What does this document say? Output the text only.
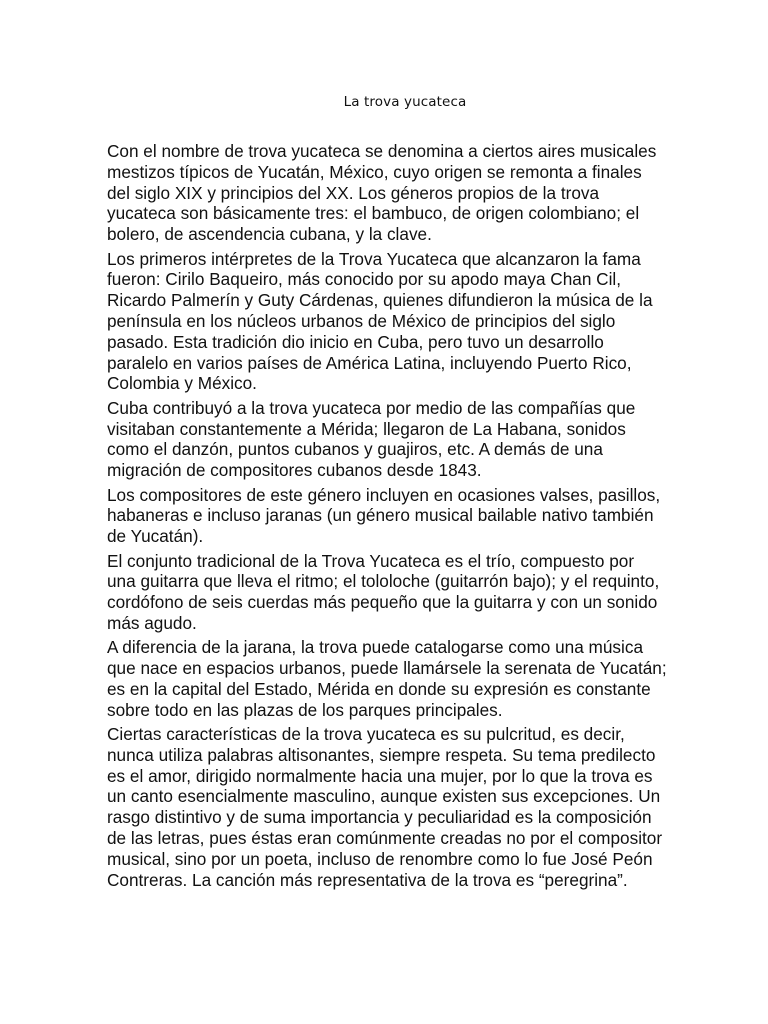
La trova yucateca

Con el nombre de trova yucateca se denomina a ciertos aires musicales mestizos típicos de Yucatán, México, cuyo origen se remonta a finales del siglo XIX y principios del XX. Los géneros propios de la trova yucateca son básicamente tres: el bambuco, de origen colombiano; el bolero, de ascendencia cubana, y la clave.

Los primeros intérpretes de la Trova Yucateca que alcanzaron la fama fueron: Cirilo Baqueiro, más conocido por su apodo maya Chan Cil, Ricardo Palmerín y Guty Cárdenas, quienes difundieron la música de la península en los núcleos urbanos de México de principios del siglo pasado. Esta tradición dio inicio en Cuba, pero tuvo un desarrollo paralelo en varios países de América Latina, incluyendo Puerto Rico, Colombia y México.

Cuba contribuyó a la trova yucateca por medio de las compañías que visitaban constantemente a Mérida; llegaron de La Habana, sonidos como el danzón, puntos cubanos y guajiros, etc. A demás de una migración de compositores cubanos desde 1843.

Los compositores de este género incluyen en ocasiones valses, pasillos, habaneras e incluso jaranas (un género musical bailable nativo también de Yucatán).

El conjunto tradicional de la Trova Yucateca es el trío, compuesto por una guitarra que lleva el ritmo; el tololoche (guitarrón bajo); y el requinto, cordófono de seis cuerdas más pequeño que la guitarra y con un sonido más agudo.

A diferencia de la jarana, la trova puede catalogarse como una música que nace en espacios urbanos, puede llamársele la serenata de Yucatán; es en la capital del Estado, Mérida en donde su expresión es constante sobre todo en las plazas de los parques principales.

Ciertas características de la trova yucateca es su pulcritud, es decir, nunca utiliza palabras altisonantes, siempre respeta. Su tema predilecto es el amor, dirigido normalmente hacia una mujer, por lo que la trova es un canto esencialmente masculino, aunque existen sus excepciones. Un rasgo distintivo y de suma importancia y peculiaridad es la composición de las letras, pues éstas eran comúnmente creadas no por el compositor musical, sino por un poeta, incluso de renombre como lo fue José Peón Contreras. La canción más representativa de la trova es “peregrina”.
